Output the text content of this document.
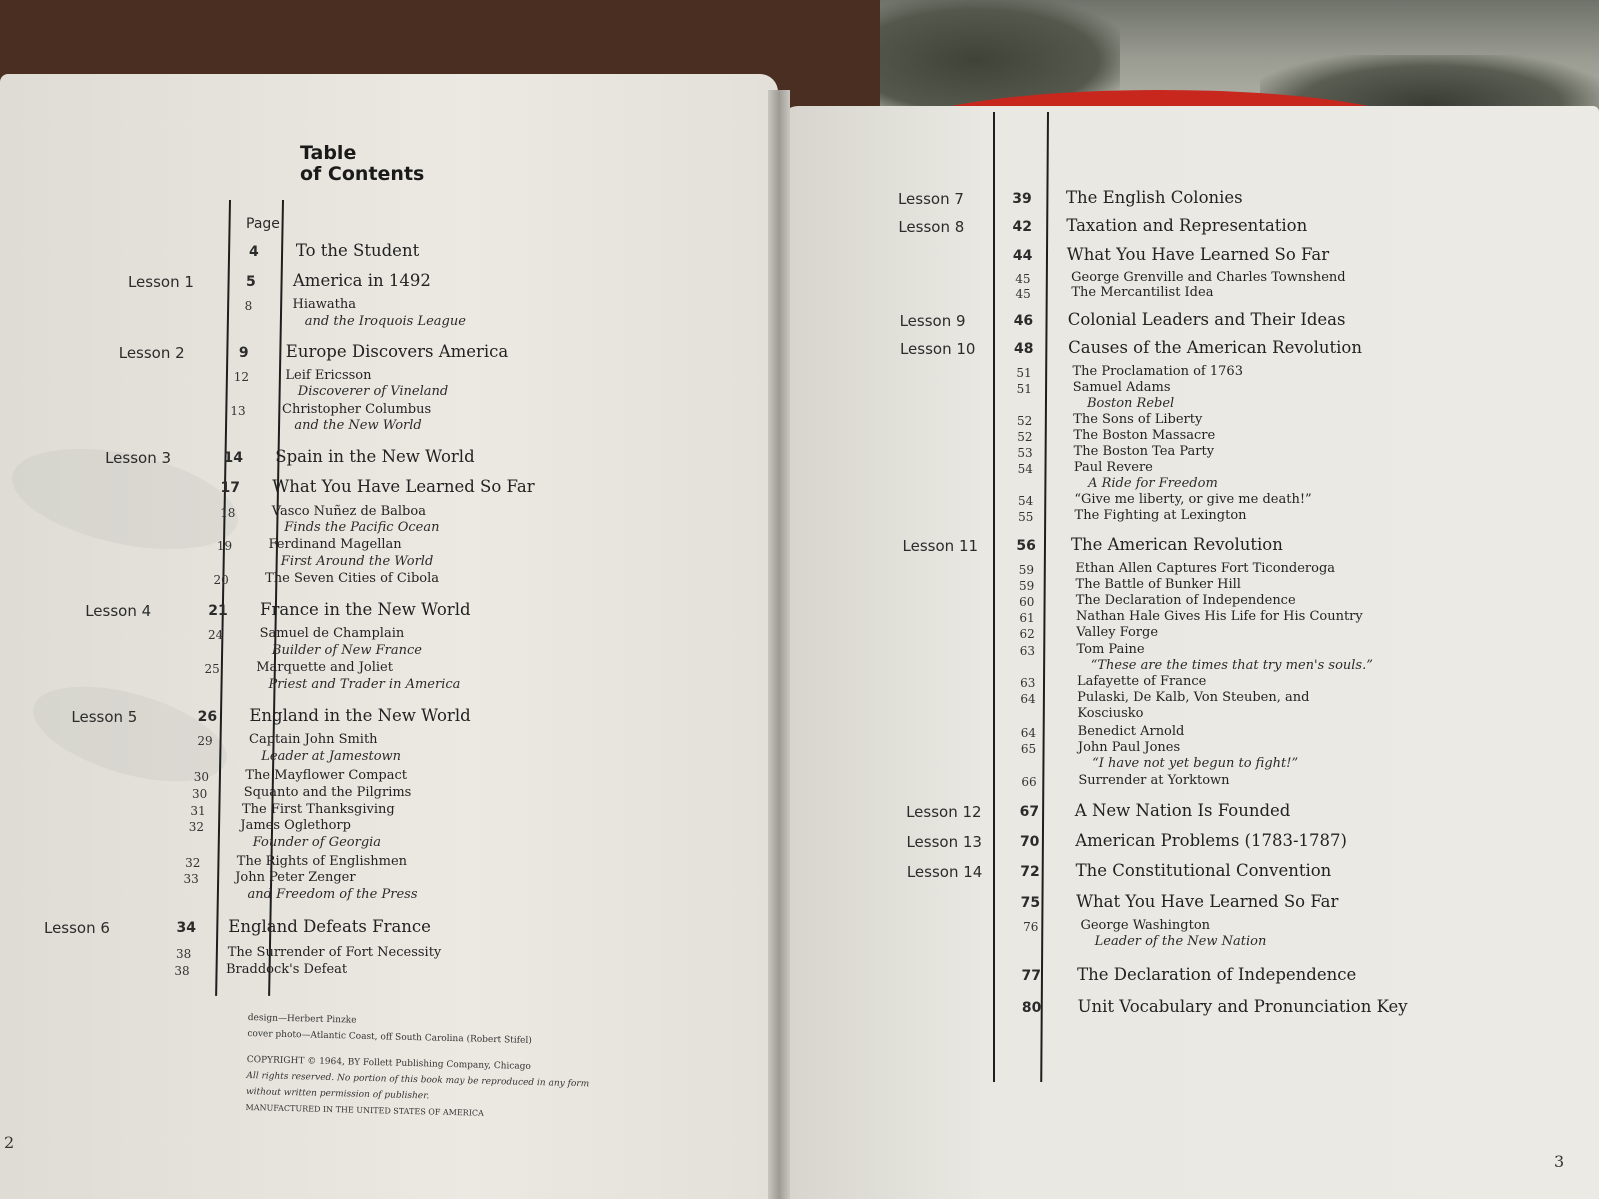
Table
of Contents
Page
4 To the Student
Lesson 1	5 America in 1492
8	Hiawatha
and the Iroquois League
Lesson 2	9 Europe Discovers America
12	Leif Ericsson
Discoverer of Vineland
13	Christopher Columbus
and the New World
Lesson 3	14 Spain in the New World
17 What You Have Learned So Far
18	Vasco Nuñez de Balboa
Finds the Pacific Ocean
19	Ferdinand Magellan
First Around the World
20	The Seven Cities of Cibola
Lesson 4	21 France in the New World
24	Samuel de Champlain
Builder of New France
25	Marquette and Joliet
Priest and Trader in America
Lesson 5	26 England in the New World
29	Captain John Smith
Leader at Jamestown
30	The Mayflower Compact
30	Squanto and the Pilgrims
31	The First Thanksgiving
32	James Oglethorp
Founder of Georgia
32	The Rights of Englishmen
33	John Peter Zenger
and Freedom of the Press
Lesson 6	34 England Defeats France
38	The Surrender of Fort Necessity
38	Braddock's Defeat
design—Herbert Pinzke
cover photo—Atlantic Coast, off South Carolina (Robert Stifel)
COPYRIGHT © 1964, BY Follett Publishing Company, Chicago
All rights reserved. No portion of this book may be reproduced in any form
without written permission of publisher.
MANUFACTURED IN THE UNITED STATES OF AMERICA
2
Lesson 7	39 The English Colonies
Lesson 8	42 Taxation and Representation
44 What You Have Learned So Far
45	George Grenville and Charles Townshend
45	The Mercantilist Idea
Lesson 9	46 Colonial Leaders and Their Ideas
Lesson 10	48 Causes of the American Revolution
51	The Proclamation of 1763
51	Samuel Adams
Boston Rebel
52	The Sons of Liberty
52	The Boston Massacre
53	The Boston Tea Party
54	Paul Revere
A Ride for Freedom
54	“Give me liberty, or give me death!”
55	The Fighting at Lexington
Lesson 11	56 The American Revolution
59	Ethan Allen Captures Fort Ticonderoga
59	The Battle of Bunker Hill
60	The Declaration of Independence
61	Nathan Hale Gives His Life for His Country
62	Valley Forge
63	Tom Paine
“These are the times that try men's souls.”
63	Lafayette of France
64	Pulaski, De Kalb, Von Steuben, and
Kosciusko
64	Benedict Arnold
65	John Paul Jones
“I have not yet begun to fight!”
66	Surrender at Yorktown
Lesson 12	67 A New Nation Is Founded
Lesson 13	70 American Problems (1783-1787)
Lesson 14	72 The Constitutional Convention
75 What You Have Learned So Far
76	George Washington
Leader of the New Nation
77 The Declaration of Independence
80 Unit Vocabulary and Pronunciation Key
3
